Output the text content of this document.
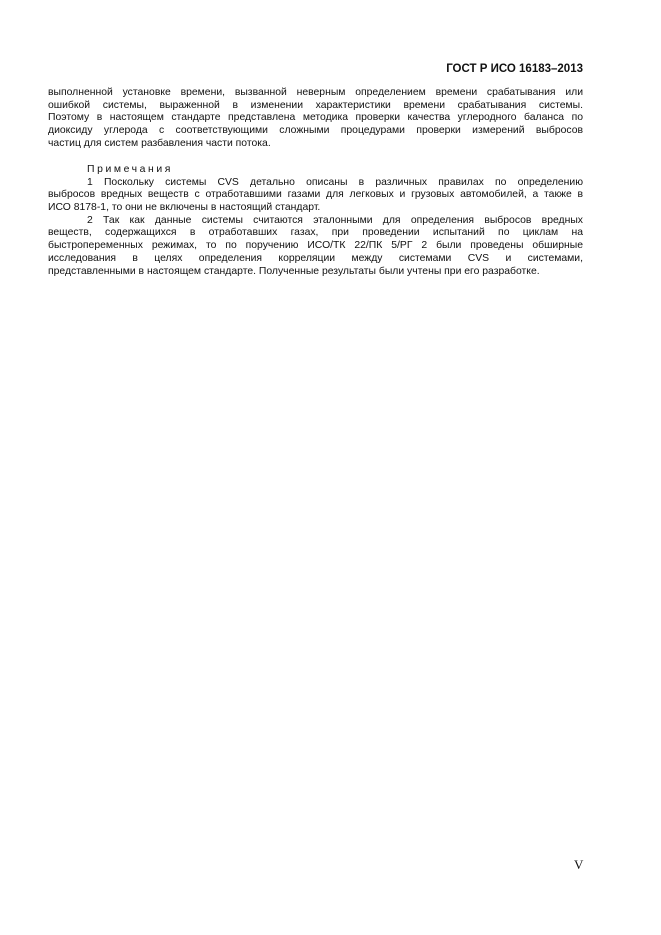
ГОСТ Р ИСО 16183–2013
выполненной установке времени, вызванной неверным определением времени срабатывания или
ошибкой системы, выраженной в изменении характеристики времени срабатывания системы.
Поэтому в настоящем стандарте представлена методика проверки качества углеродного баланса по
диоксиду углерода с соответствующими сложными процедурами проверки измерений выбросов
частиц для систем разбавления части потока.
Примечания
1 Поскольку системы CVS детально описаны в различных правилах по определению
выбросов вредных веществ с отработавшими газами для легковых и грузовых автомобилей, а также в
ИСО 8178-1, то они не включены в настоящий стандарт.
2 Так как данные системы считаются эталонными для определения выбросов вредных
веществ, содержащихся в отработавших газах, при проведении испытаний по циклам на
быстропеременных режимах, то по поручению ИСО/ТК 22/ПК 5/РГ 2 были проведены обширные
исследования в целях определения корреляции между системами CVS и системами,
представленными в настоящем стандарте. Полученные результаты были учтены при его разработке.
V
